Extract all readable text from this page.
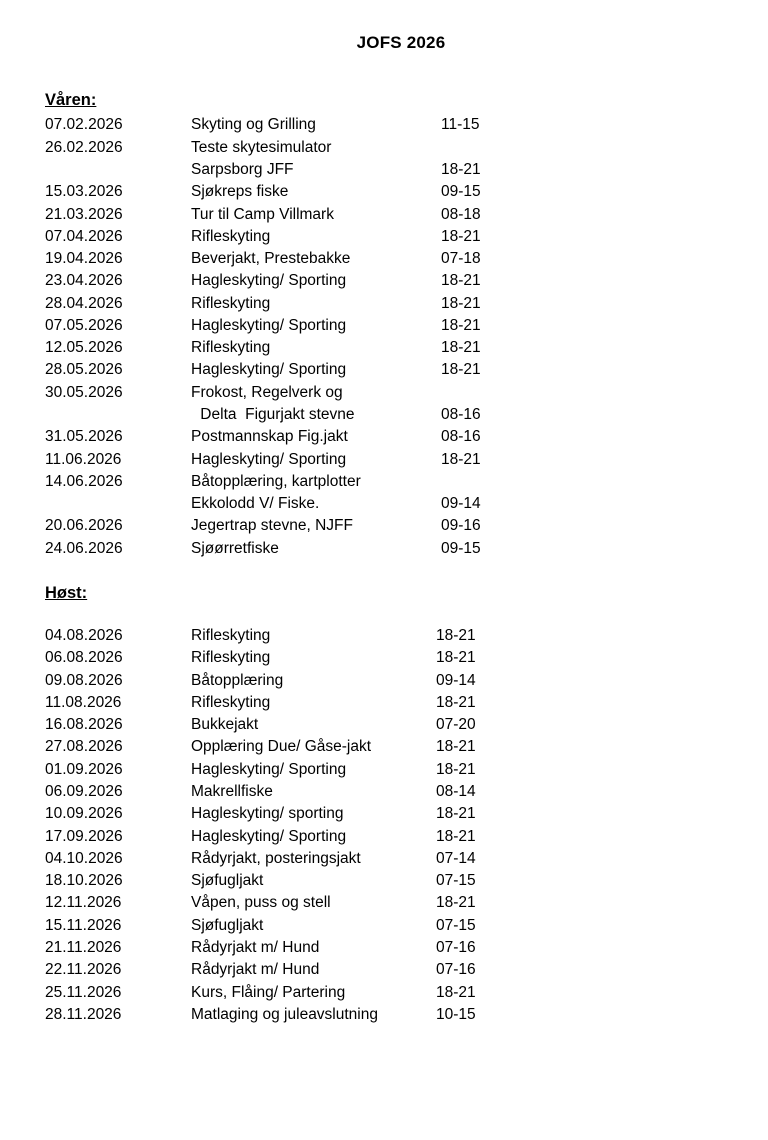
JOFS 2026
Våren:
07.02.2026	Skyting og Grilling	11-15
26.02.2026	Teste skytesimulator	
	Sarpsborg JFF	18-21
15.03.2026	Sjøkreps fiske	09-15
21.03.2026	Tur til Camp Villmark	08-18
07.04.2026	Rifleskyting	18-21
19.04.2026	Beverjakt, Prestebakke	07-18
23.04.2026	Hagleskyting/ Sporting	18-21
28.04.2026	Rifleskyting	18-21
07.05.2026	Hagleskyting/ Sporting	18-21
12.05.2026	Rifleskyting	18-21
28.05.2026	Hagleskyting/ Sporting	18-21
30.05.2026	Frokost, Regelverk og	
	Delta  Figurjakt stevne	08-16
31.05.2026	Postmannskap Fig.jakt	08-16
11.06.2026	Hagleskyting/ Sporting	18-21
14.06.2026	Båtopplæring, kartplotter	
	Ekkolodd V/ Fiske.	09-14
20.06.2026	Jegertrap stevne, NJFF	09-16
24.06.2026	Sjøørretfiske	09-15
Høst:
04.08.2026	Rifleskyting	18-21
06.08.2026	Rifleskyting	18-21
09.08.2026	Båtopplæring	09-14
11.08.2026	Rifleskyting	18-21
16.08.2026	Bukkejakt	07-20
27.08.2026	Opplæring Due/ Gåse-jakt	18-21
01.09.2026	Hagleskyting/ Sporting	18-21
06.09.2026	Makrellfiske	08-14
10.09.2026	Hagleskyting/ sporting	18-21
17.09.2026	Hagleskyting/ Sporting	18-21
04.10.2026	Rådyrjakt, posteringsjakt	07-14
18.10.2026	Sjøfugljakt	07-15
12.11.2026	Våpen, puss og stell	18-21
15.11.2026	Sjøfugljakt	07-15
21.11.2026	Rådyrjakt m/ Hund	07-16
22.11.2026	Rådyrjakt m/ Hund	07-16
25.11.2026	Kurs, Flåing/ Partering	18-21
28.11.2026	Matlaging og juleavslutning	10-15
